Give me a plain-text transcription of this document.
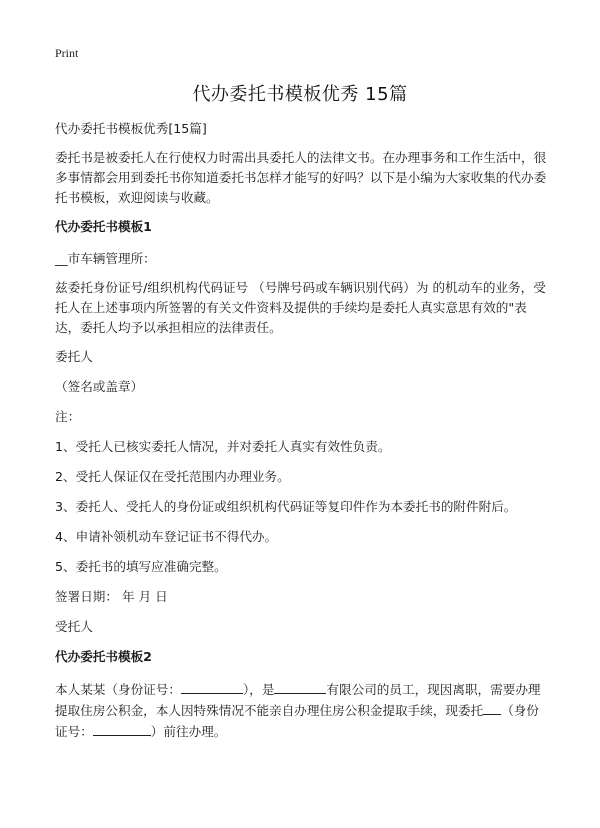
Print
代办委托书模板优秀 15篇

代办委托书模板优秀[15篇]

委托书是被委托人在行使权力时需出具委托人的法律文书。在办理事务和工作生活中，很多事情都会用到委托书你知道委托书怎样才能写的好吗？以下是小编为大家收集的代办委托书模板，欢迎阅读与收藏。

代办委托书模板1

__市车辆管理所：

兹委托身份证号/组织机构代码证号 （号牌号码或车辆识别代码）为 的机动车的业务，受托人在上述事项内所签署的有关文件资料及提供的手续均是委托人真实意思有效的"表达，委托人均予以承担相应的法律责任。

委托人

（签名或盖章）

注：

1、受托人已核实委托人情况，并对委托人真实有效性负责。

2、受托人保证仅在受托范围内办理业务。

3、委托人、受托人的身份证或组织机构代码证等复印件作为本委托书的附件附后。

4、申请补领机动车登记证书不得代办。

5、委托书的填写应准确完整。

签署日期： 年 月 日

受托人

代办委托书模板2

本人某某（身份证号：	），是	有限公司的员工，现因离职，需要办理提取住房公积金，本人因特殊情况不能亲自办理住房公积金提取手续，现委托 （身份证号：	）前往办理。
